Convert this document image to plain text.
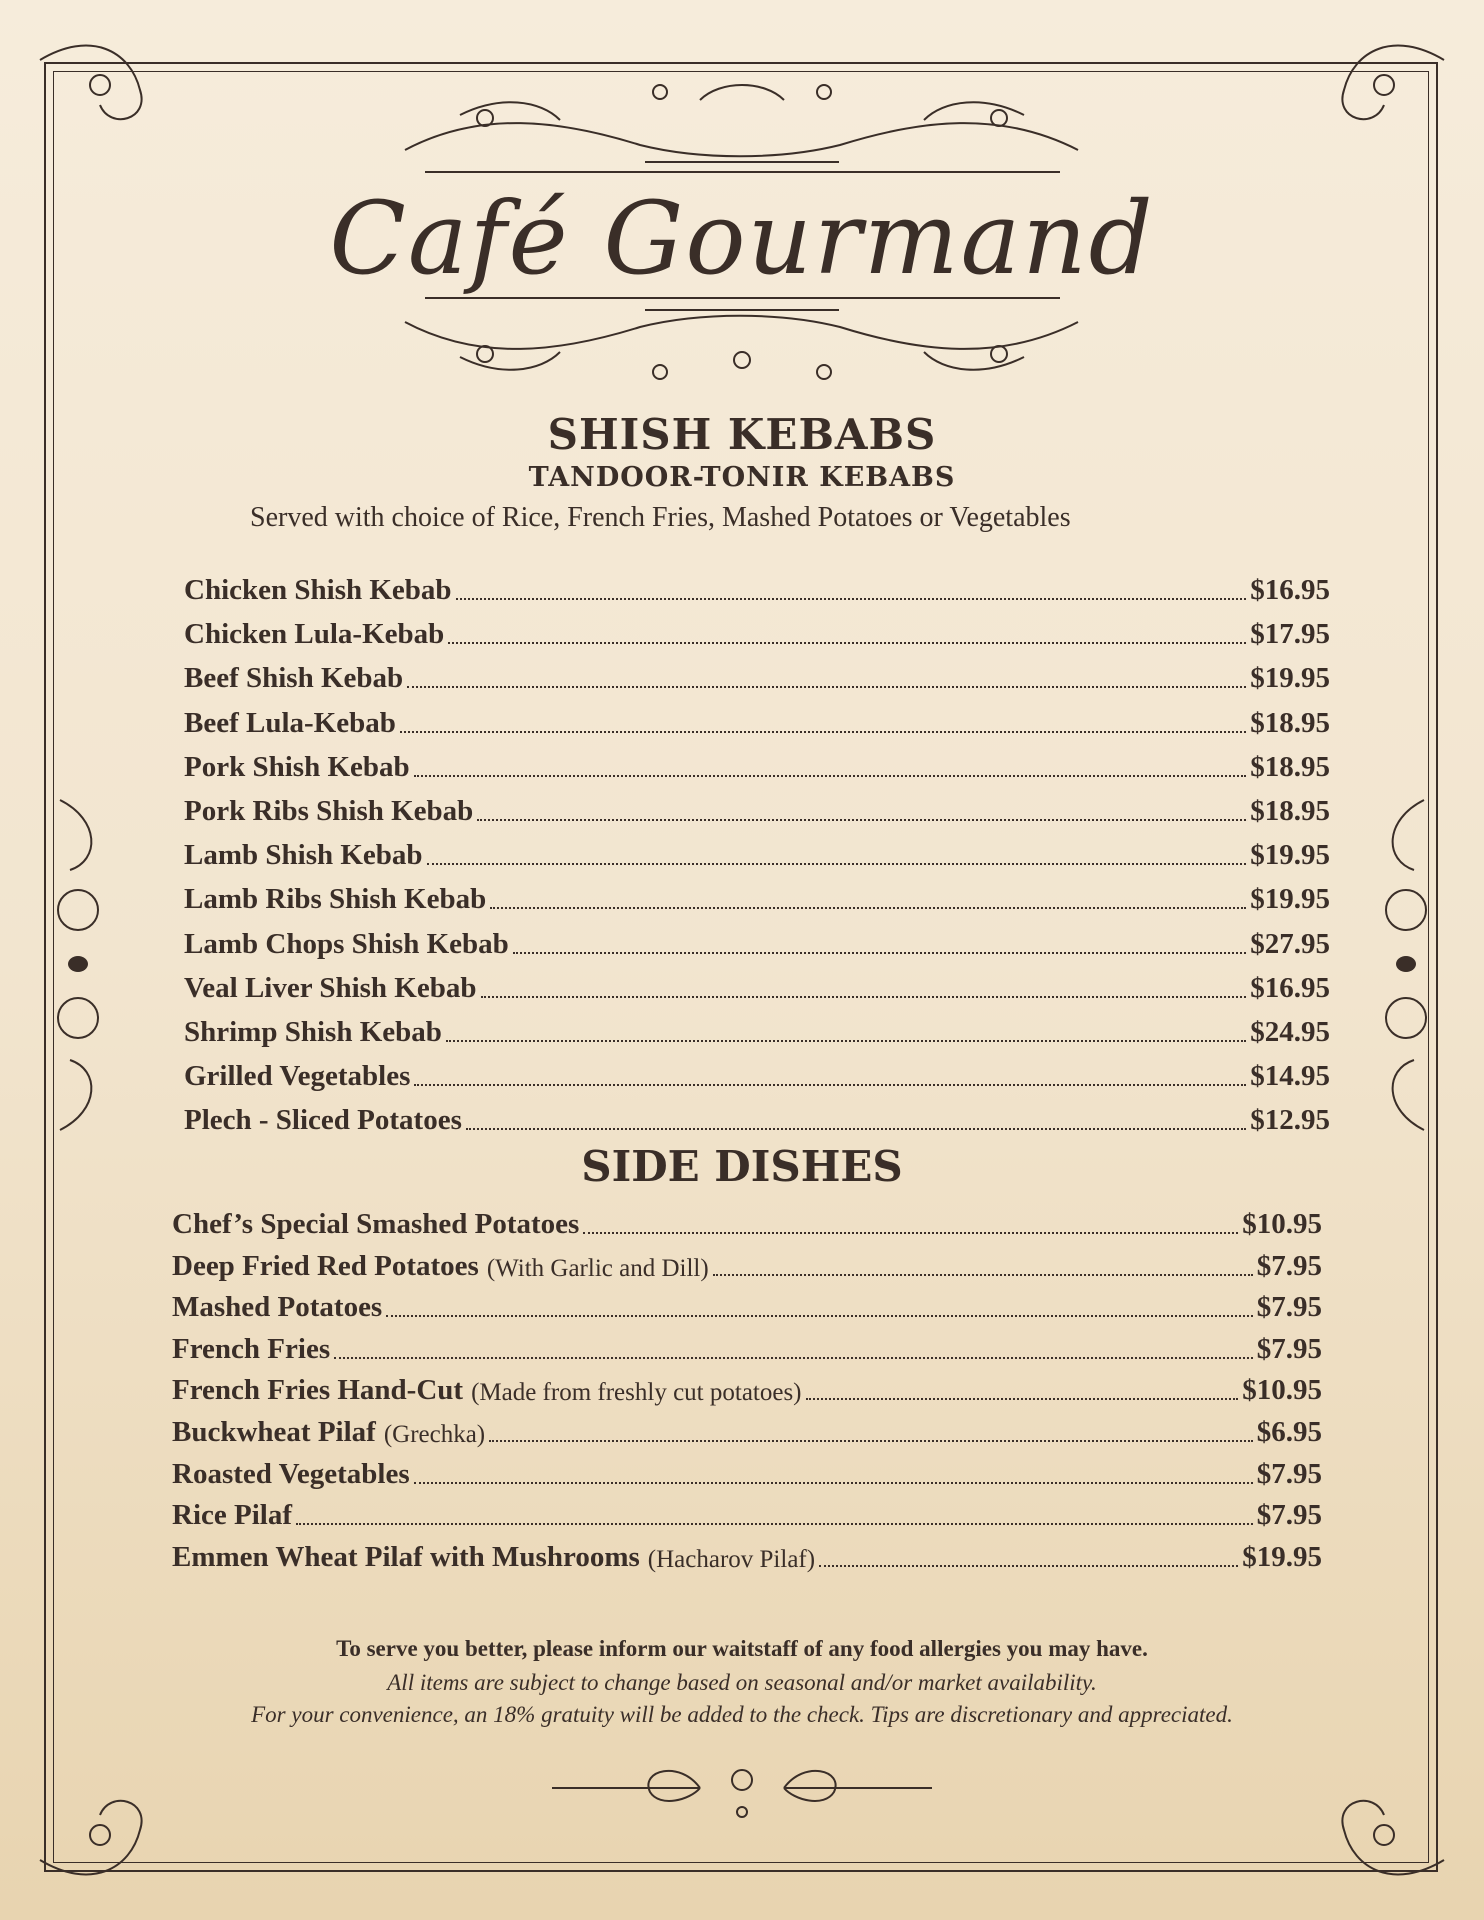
Café Gourmand
SHISH KEBABS
TANDOOR-TONIR KEBABS
Served with choice of Rice, French Fries, Mashed Potatoes or Vegetables
Chicken Shish Kebab	$16.95
Chicken Lula-Kebab	$17.95
Beef Shish Kebab	$19.95
Beef Lula-Kebab	$18.95
Pork Shish Kebab	$18.95
Pork Ribs Shish Kebab	$18.95
Lamb Shish Kebab	$19.95
Lamb Ribs Shish Kebab	$19.95
Lamb Chops Shish Kebab	$27.95
Veal Liver Shish Kebab	$16.95
Shrimp Shish Kebab	$24.95
Grilled Vegetables	$14.95
Plech - Sliced Potatoes	$12.95
SIDE DISHES
Chef’s Special Smashed Potatoes	$10.95
Deep Fried Red Potatoes (With Garlic and Dill)	$7.95
Mashed Potatoes	$7.95
French Fries	$7.95
French Fries Hand-Cut (Made from freshly cut potatoes)	$10.95
Buckwheat Pilaf (Grechka)	$6.95
Roasted Vegetables	$7.95
Rice Pilaf	$7.95
Emmen Wheat Pilaf with Mushrooms (Hacharov Pilaf)	$19.95
To serve you better, please inform our waitstaff of any food allergies you may have.
All items are subject to change based on seasonal and/or market availability.
For your convenience, an 18% gratuity will be added to the check. Tips are discretionary and appreciated.
